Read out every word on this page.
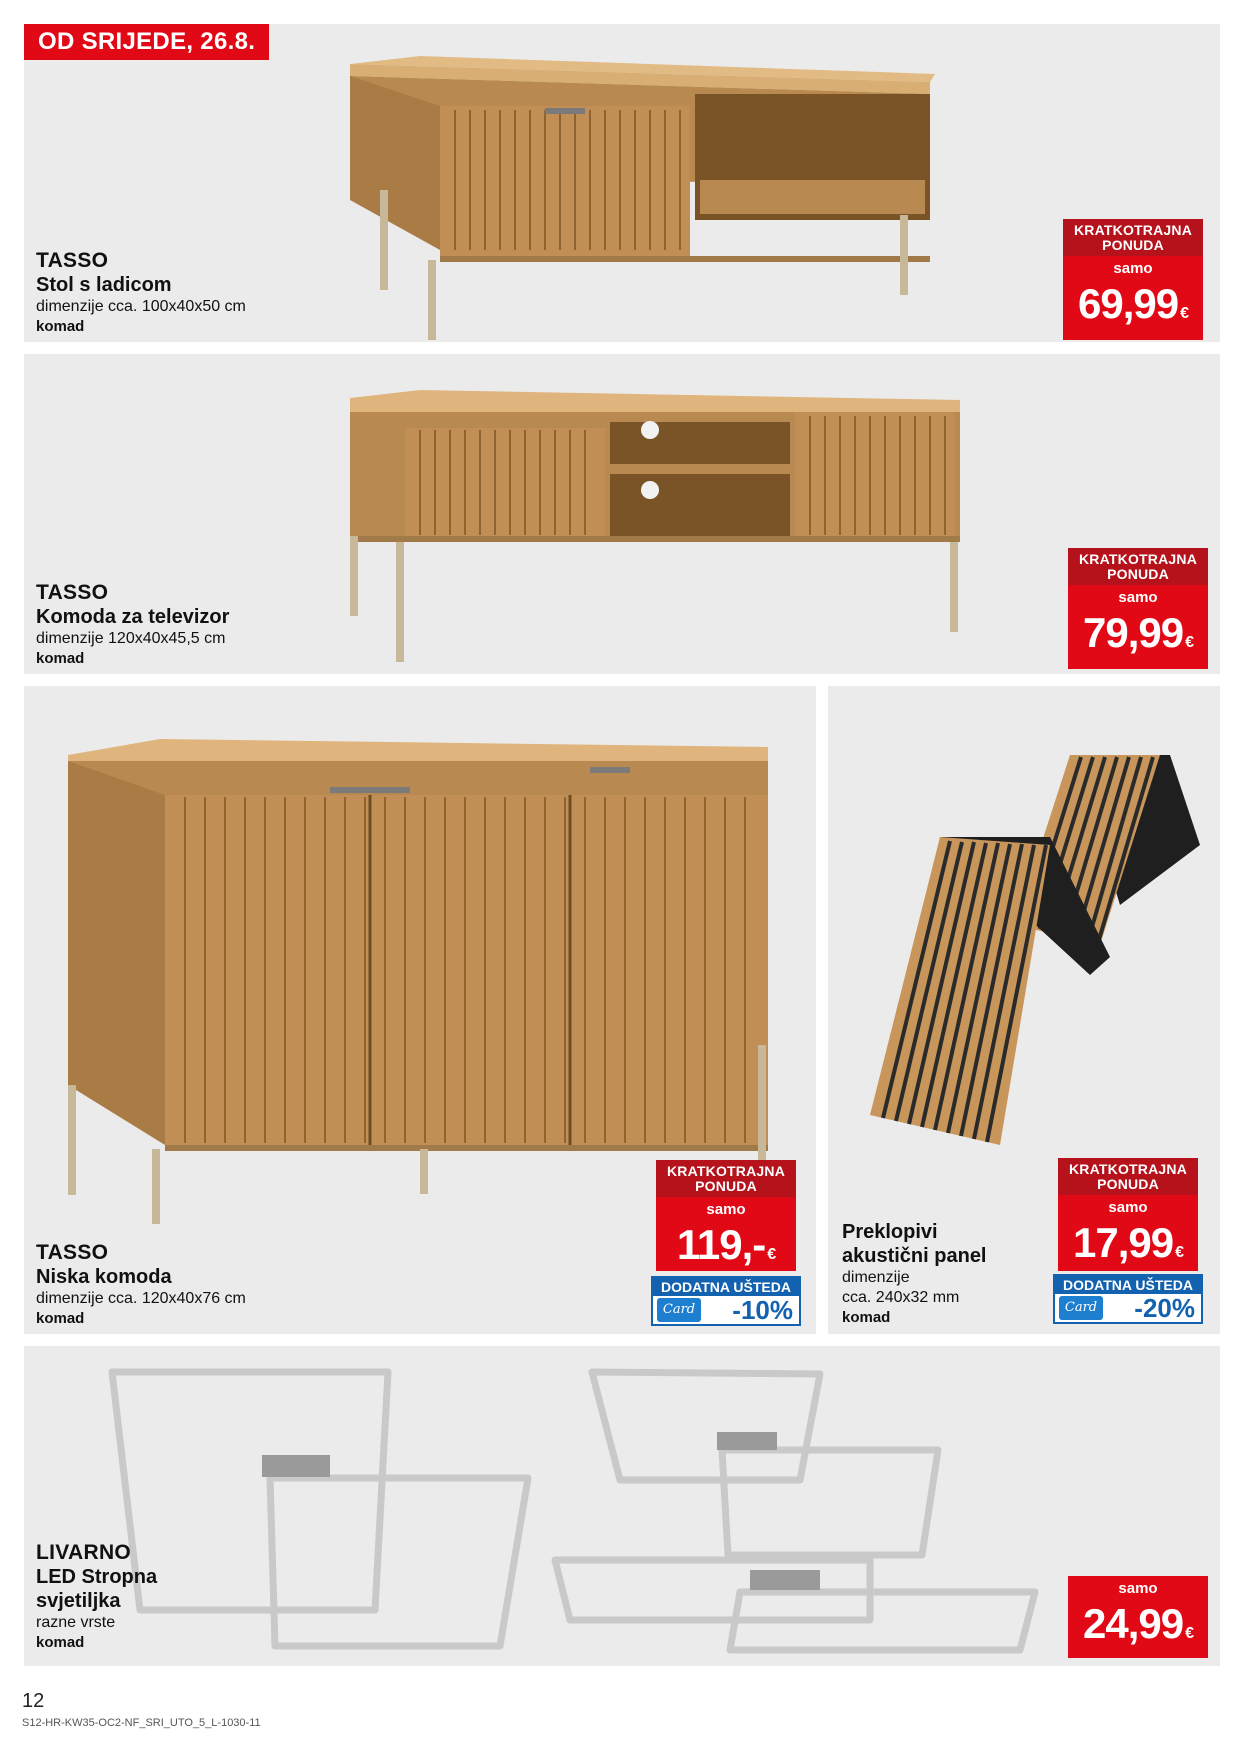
OD SRIJEDE, 26.8.
TASSO
Stol s ladicom
dimenzije cca. 100x40x50 cm
komad
KRATKOTRAJNA
PONUDA
samo
69,99 €
TASSO
Komoda za televizor
dimenzije 120x40x45,5 cm
komad
KRATKOTRAJNA
PONUDA
samo
79,99 €
TASSO
Niska komoda
dimenzije cca. 120x40x76 cm
komad
KRATKOTRAJNA
PONUDA
samo
119,- €
DODATNA UŠTEDA
Card -10%
Preklopivi
akustični panel
dimenzije
cca. 240x32 mm
komad
KRATKOTRAJNA
PONUDA
samo
17,99 €
DODATNA UŠTEDA
Card -20%
LIVARNO
LED Stropna
svjetiljka
razne vrste
komad
samo
24,99 €
12
S12-HR-KW35-OC2-NF_SRI_UTO_5_L-1030-11
